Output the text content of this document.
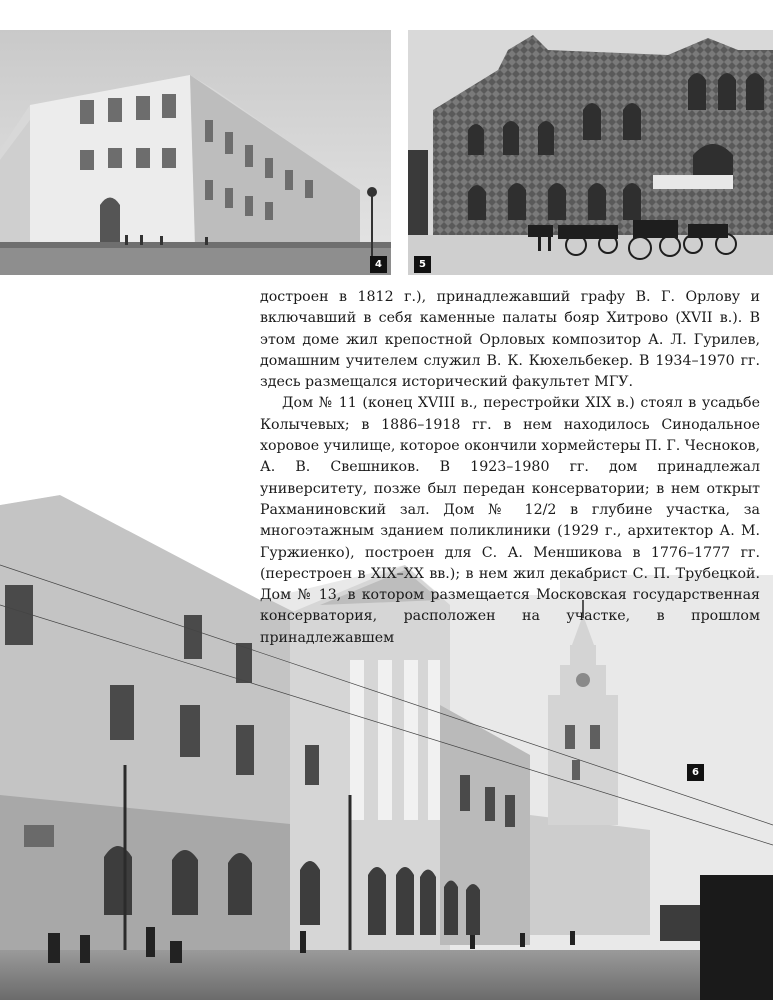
4	5
6

достроен в 1812 г.), принадлежавший графу В. Г. Орлову и включавший в себя каменные палаты бояр Хитрово (XVII в.). В этом доме жил крепостной Орловых композитор А. Л. Гурилев, домашним учителем служил В. К. Кюхельбекер. В 1934–1970 гг. здесь размещался исторический факультет МГУ.

Дом № 11 (конец XVIII в., перестройки XIX в.) стоял в усадьбе Колычевых; в 1886–1918 гг. в нем находилось Синодальное хоровое училище, которое окончили хормейстеры П. Г. Чесноков, А. В. Свешников. В 1923–1980 гг. дом принадлежал университету, позже был передан консерватории; в нем открыт Рахманиновский зал. Дом № 12/2 в глубине участка, за многоэтажным зданием поликлиники (1929 г., архитектор А. М. Гуржиенко), построен для С. А. Меншикова в 1776–1777 гг. (перестроен в XIX–XX вв.); в нем жил декабрист С. П. Трубецкой. Дом № 13, в котором размещается Московская государственная консерватория, расположен на участке, в прошлом принадлежавшем
